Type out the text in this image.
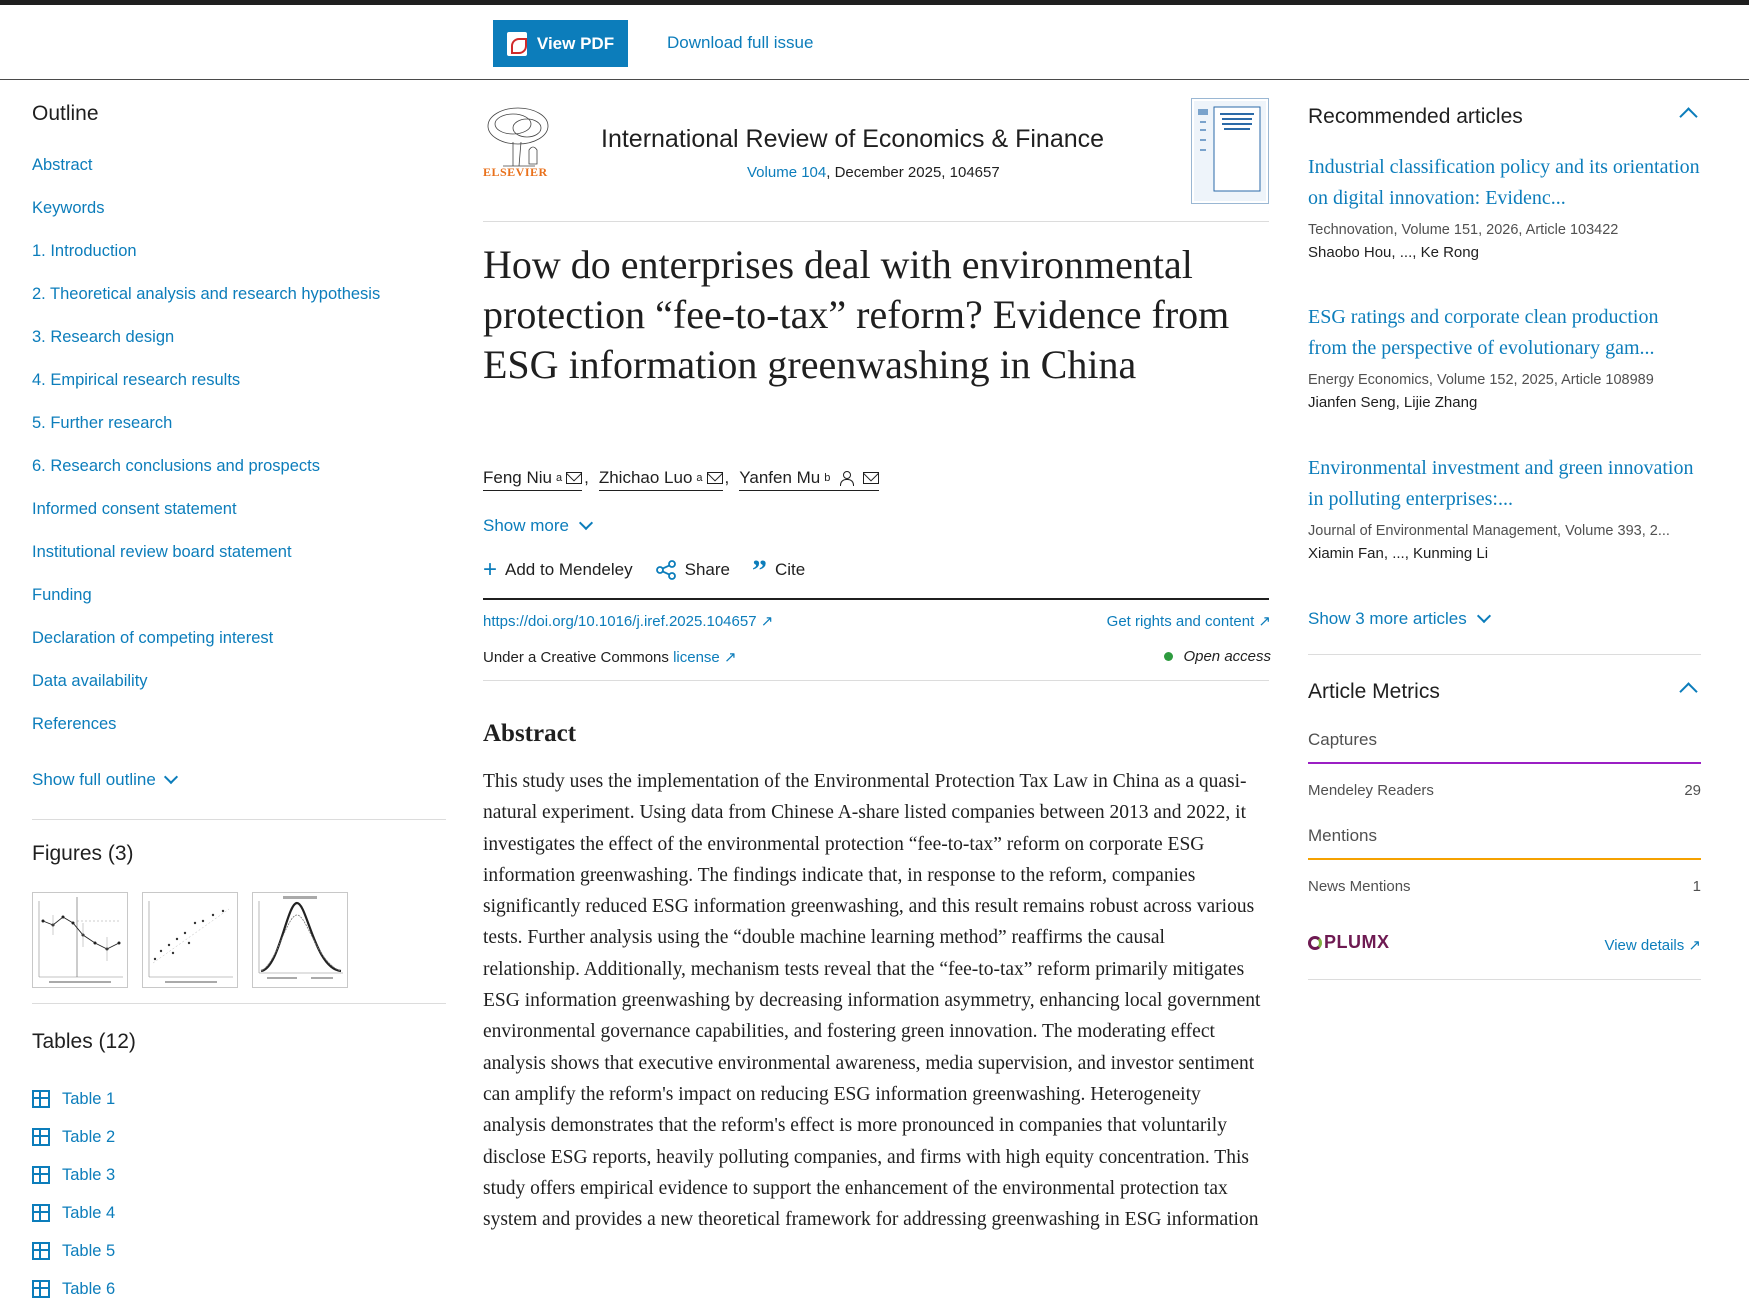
View PDF	Download full issue
Outline
Abstract
Keywords
1. Introduction
2. Theoretical analysis and research hypothesis
3. Research design
4. Empirical research results
5. Further research
6. Research conclusions and prospects
Informed consent statement
Institutional review board statement
Funding
Declaration of competing interest
Data availability
References
Show full outline
Figures (3)
Tables (12)
Table 1
Table 2
Table 3
Table 4
Table 5
Table 6
ELSEVIER
International Review of Economics & Finance
Volume 104, December 2025, 104657
How do enterprises deal with environmental protection “fee-to-tax” reform? Evidence from ESG information greenwashing in China
Feng Niu a , Zhichao Luo a , Yanfen Mu b
Show more
+ Add to Mendeley	Share ” Cite
https://doi.org/10.1016/j.iref.2025.104657 ↗	Get rights and content ↗
Under a Creative Commons license ↗	Open access
Abstract

This study uses the implementation of the Environmental Protection Tax Law in China as a quasi-natural experiment. Using data from Chinese A-share listed companies between 2013 and 2022, it investigates the effect of the environmental protection “fee-to-tax” reform on corporate ESG information greenwashing. The findings indicate that, in response to the reform, companies significantly reduced ESG information greenwashing, and this result remains robust across various tests. Further analysis using the “double machine learning method” reaffirms the causal relationship. Additionally, mechanism tests reveal that the “fee-to-tax” reform primarily mitigates ESG information greenwashing by decreasing information asymmetry, enhancing local government environmental governance capabilities, and fostering green innovation. The moderating effect analysis shows that executive environmental awareness, media supervision, and investor sentiment can amplify the reform's impact on reducing ESG information greenwashing. Heterogeneity analysis demonstrates that the reform's effect is more pronounced in companies that voluntarily disclose ESG reports, heavily polluting companies, and firms with high equity concentration. This study offers empirical evidence to support the enhancement of the environmental protection tax system and provides a new theoretical framework for addressing greenwashing in ESG information

Recommended articles
Industrial classification policy and its orientation on digital innovation: Evidenc...
Technovation, Volume 151, 2026, Article 103422
Shaobo Hou, ..., Ke Rong
ESG ratings and corporate clean production from the perspective of evolutionary gam...
Energy Economics, Volume 152, 2025, Article 108989
Jianfen Seng, Lijie Zhang
Environmental investment and green innovation in polluting enterprises:...
Journal of Environmental Management, Volume 393, 2...
Xiamin Fan, ..., Kunming Li
Show 3 more articles
Article Metrics
Captures
Mendeley Readers	29
Mentions
News Mentions	1
PLUMX	View details ↗
